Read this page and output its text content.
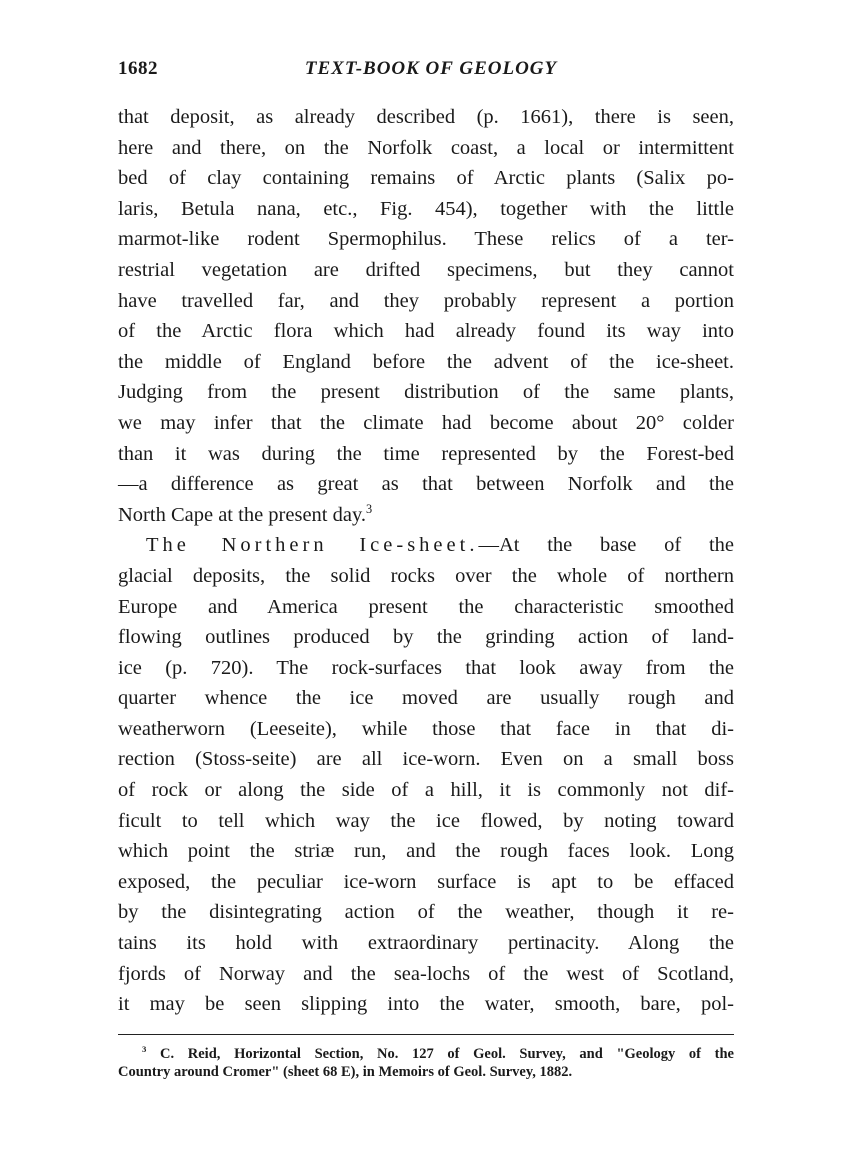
1682	TEXT-BOOK OF GEOLOGY
that deposit, as already described (p. 1661), there is seen,
here and there, on the Norfolk coast, a local or intermittent
bed of clay containing remains of Arctic plants (Salix po-
laris, Betula nana, etc., Fig. 454), together with the little
marmot-like rodent Spermophilus. These relics of a ter-
restrial vegetation are drifted specimens, but they cannot
have travelled far, and they probably represent a portion
of the Arctic flora which had already found its way into
the middle of England before the advent of the ice-sheet.
Judging from the present distribution of the same plants,
we may infer that the climate had become about 20° colder
than it was during the time represented by the Forest-bed
—a difference as great as that between Norfolk and the
North Cape at the present day.$^3$
The Northern Ice-sheet.—At the base of the
glacial deposits, the solid rocks over the whole of northern
Europe and America present the characteristic smoothed
flowing outlines produced by the grinding action of land-
ice (p. 720). The rock-surfaces that look away from the
quarter whence the ice moved are usually rough and
weatherworn (Leeseite), while those that face in that di-
rection (Stoss-seite) are all ice-worn. Even on a small boss
of rock or along the side of a hill, it is commonly not dif-
ficult to tell which way the ice flowed, by noting toward
which point the striæ run, and the rough faces look. Long
exposed, the peculiar ice-worn surface is apt to be effaced
by the disintegrating action of the weather, though it re-
tains its hold with extraordinary pertinacity. Along the
fjords of Norway and the sea-lochs of the west of Scotland,
it may be seen slipping into the water, smooth, bare, pol-
$^3$ C. Reid, Horizontal Section, No. 127 of Geol. Survey, and "Geology of the
Country around Cromer" (sheet 68 E), in Memoirs of Geol. Survey, 1882.
